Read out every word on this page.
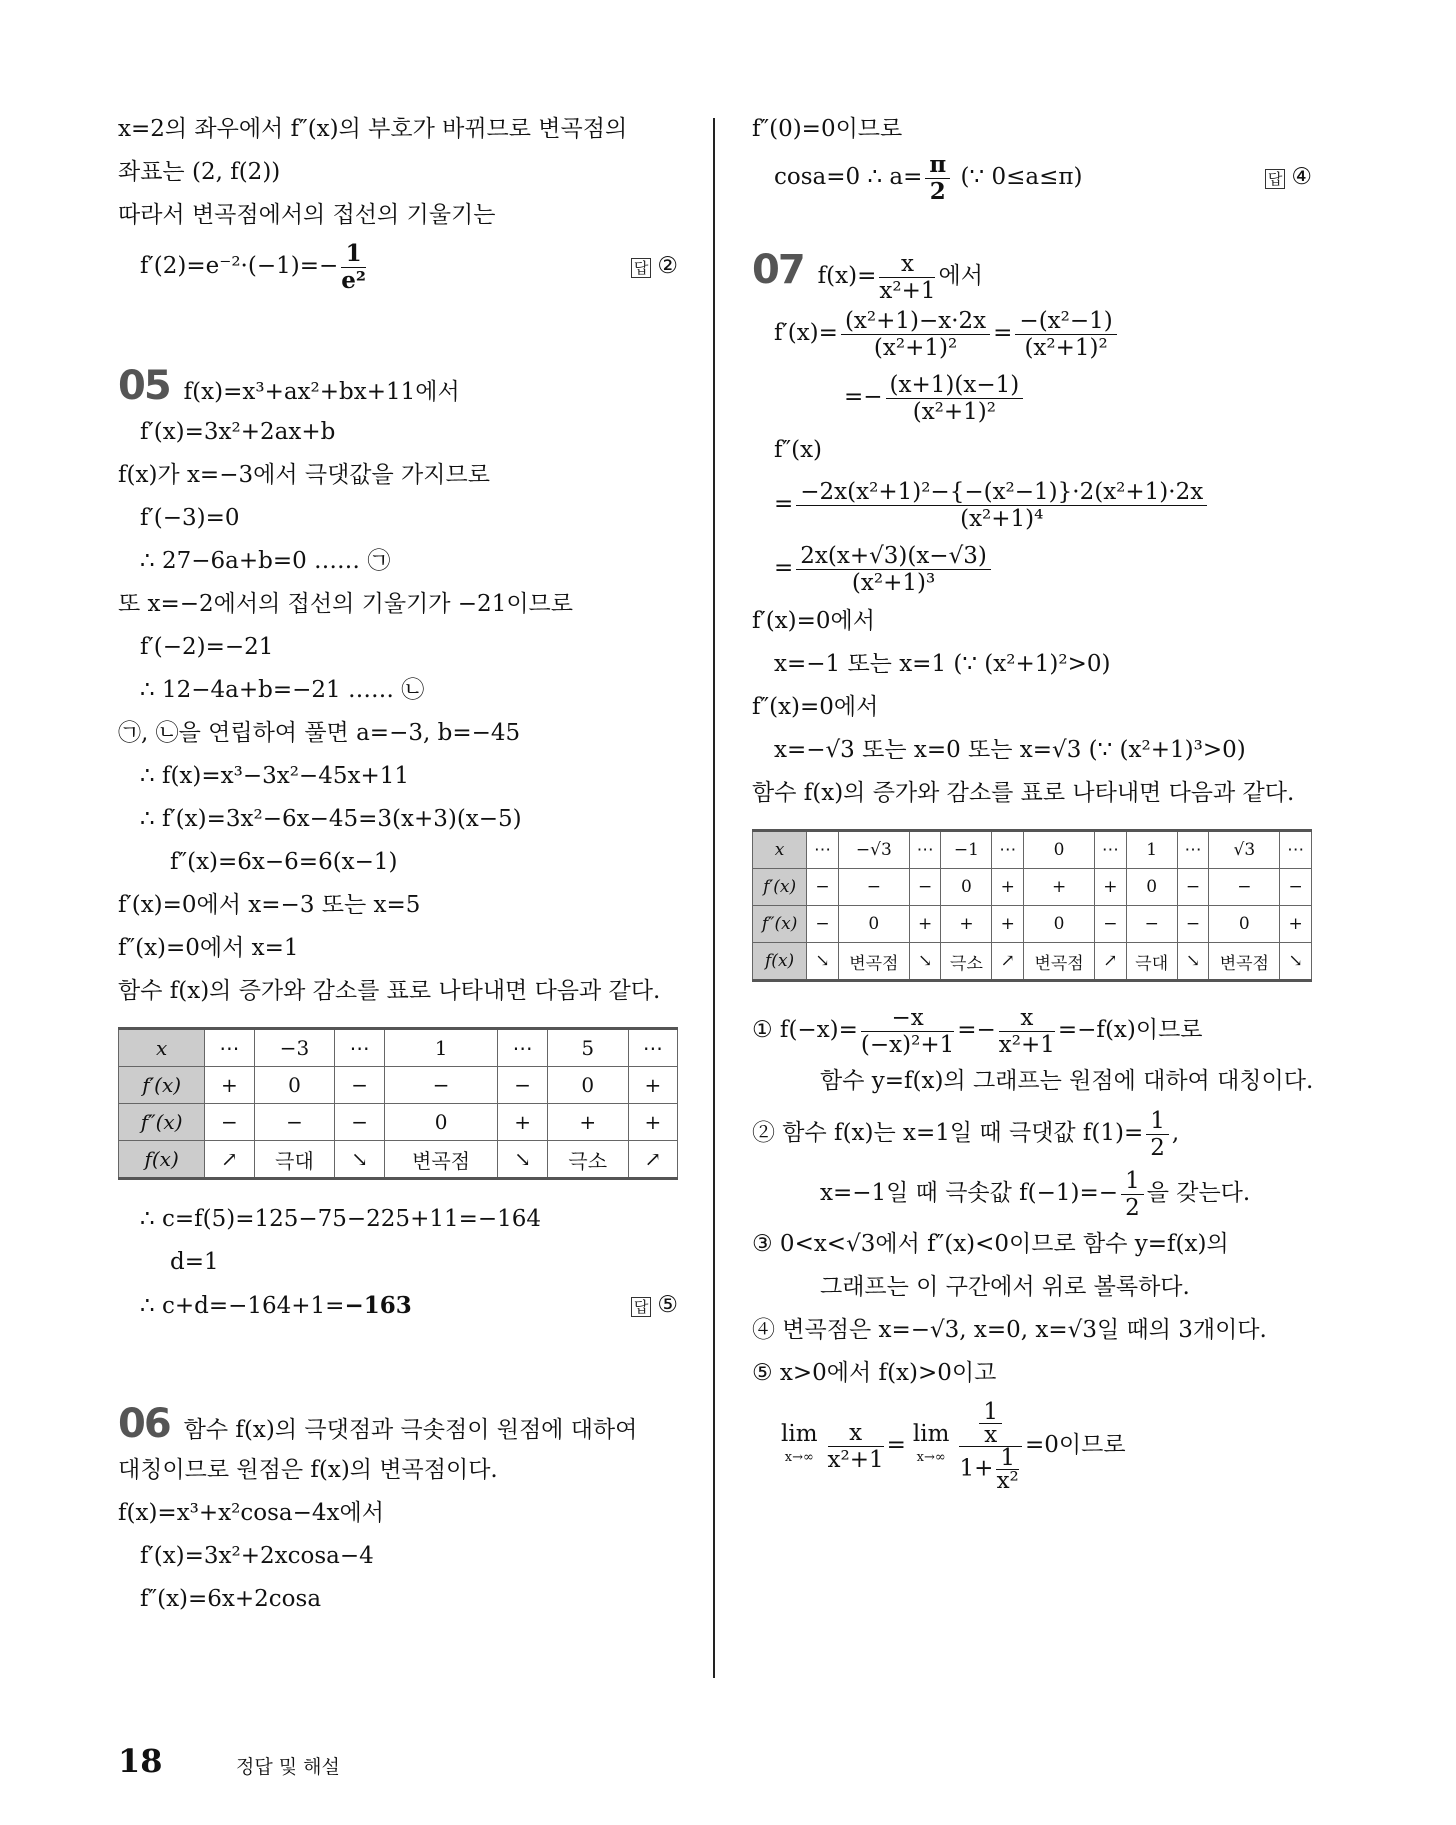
x=2의 좌우에서 f″(x)의 부호가 바뀌므로 변곡점의
좌표는 (2, f(2))
따라서 변곡점에서의 접선의 기울기는
$f'(2)=e^{-2}\cdot(-1)=- \frac{1}{\text{e²}}$	답 ②
05 f(x)=x³+ax²+bx+11에서
f′(x)=3x²+2ax+b
f(x)가 x=−3에서 극댓값을 가지므로
f′(−3)=0
∴ 27−6a+b=0 …… ㉠
또 x=−2에서의 접선의 기울기가 −21이므로
f′(−2)=−21
∴ 12−4a+b=−21 …… ㉡
㉠, ㉡을 연립하여 풀면 a=−3, b=−45
∴ f(x)=x³−3x²−45x+11
∴ f′(x)=3x²−6x−45=3(x+3)(x−5)
f″(x)=6x−6=6(x−1)
f′(x)=0에서 x=−3 또는 x=5
f″(x)=0에서 x=1
함수 f(x)의 증가와 감소를 표로 나타내면 다음과 같다.
x	⋯	−3	⋯	1	⋯	5	⋯
f′(x)	+	0	−	−	−	0	+
f″(x)	−	−	−	0	+	+	+
f(x)	↗	극대	↘	변곡점	↘	극소	↗
∴ c=f(5)=125−75−225+11=−164
d=1
∴ c+d=−164+1=−163	답 ⑤
06 함수 f(x)의 극댓점과 극솟점이 원점에 대하여
대칭이므로 원점은 f(x)의 변곡점이다.
f(x)=x³+x²cosa−4x에서
f′(x)=3x²+2xcosa−4
f″(x)=6x+2cosa
f″(0)=0이므로
cosa=0 ∴ $a= \frac{\pi}{2}$ (∵ 0≤a≤π)	답 ④
07 $f(x)= \frac{x}{\text{x²+1}}$ 에서
$f'(x)= \frac{\text{(x²+1)−x·2x}}{\text{(x²+1)²}} = \frac{\text{−(x²−1)}}{\text{(x²+1)²}}$
=− $\frac{(x+1)(x-1)}{\text{(x²+1)²}}$
f″(x)
= $\frac{\text{−2x(x²+1)²−\{−(x²−1)\}·2(x²+1)·2x}}{\text{(x²+1)⁴}}$
= $\frac{2x(x+√3)(x-√3)}{\text{(x²+1)³}}$
f′(x)=0에서
x=−1 또는 x=1 (∵ (x²+1)²>0)
f″(x)=0에서
x=−√3 또는 x=0 또는 x=√3 (∵ (x²+1)³>0)
함수 f(x)의 증가와 감소를 표로 나타내면 다음과 같다.
x	⋯	−√3	⋯	−1	⋯	0	⋯	1	⋯	√3	⋯
f′(x)	−	−	−	0	+	+	+	0	−	−	−
f″(x)	−	0	+	+	+	0	−	−	−	0	+
f(x)	↘	변곡점	↘	극소	↗	변곡점	↗	극대	↘	변곡점	↘
① $f(-x)= \frac{-x}{\text{(−x)²+1}} =- \frac{x}{\text{x²+1}} =-f(x)$이므로
함수 y=f(x)의 그래프는 원점에 대하여 대칭이다.
② 함수 f(x)는 x=1일 때 극댓값 $f(1)= \frac{1}{2}$ ,
x=−1일 때 극솟값 $f(-1)=- \frac{1}{2}$ 을 갖는다.
③ 0<x<√3에서 f″(x)<0이므로 함수 y=f(x)의
그래프는 이 구간에서 위로 볼록하다.
④ 변곡점은 x=−√3, x=0, x=√3일 때의 3개이다.
⑤ x>0에서 f(x)>0이고
lim
$x\to\infty \frac{x}{\text{x²+1}} = \lim$
$x\to\infty \frac{\frac{1}{x}}{1+ \frac{1}{\text{x²}}} =0$이므로
18	정답 및 해설
